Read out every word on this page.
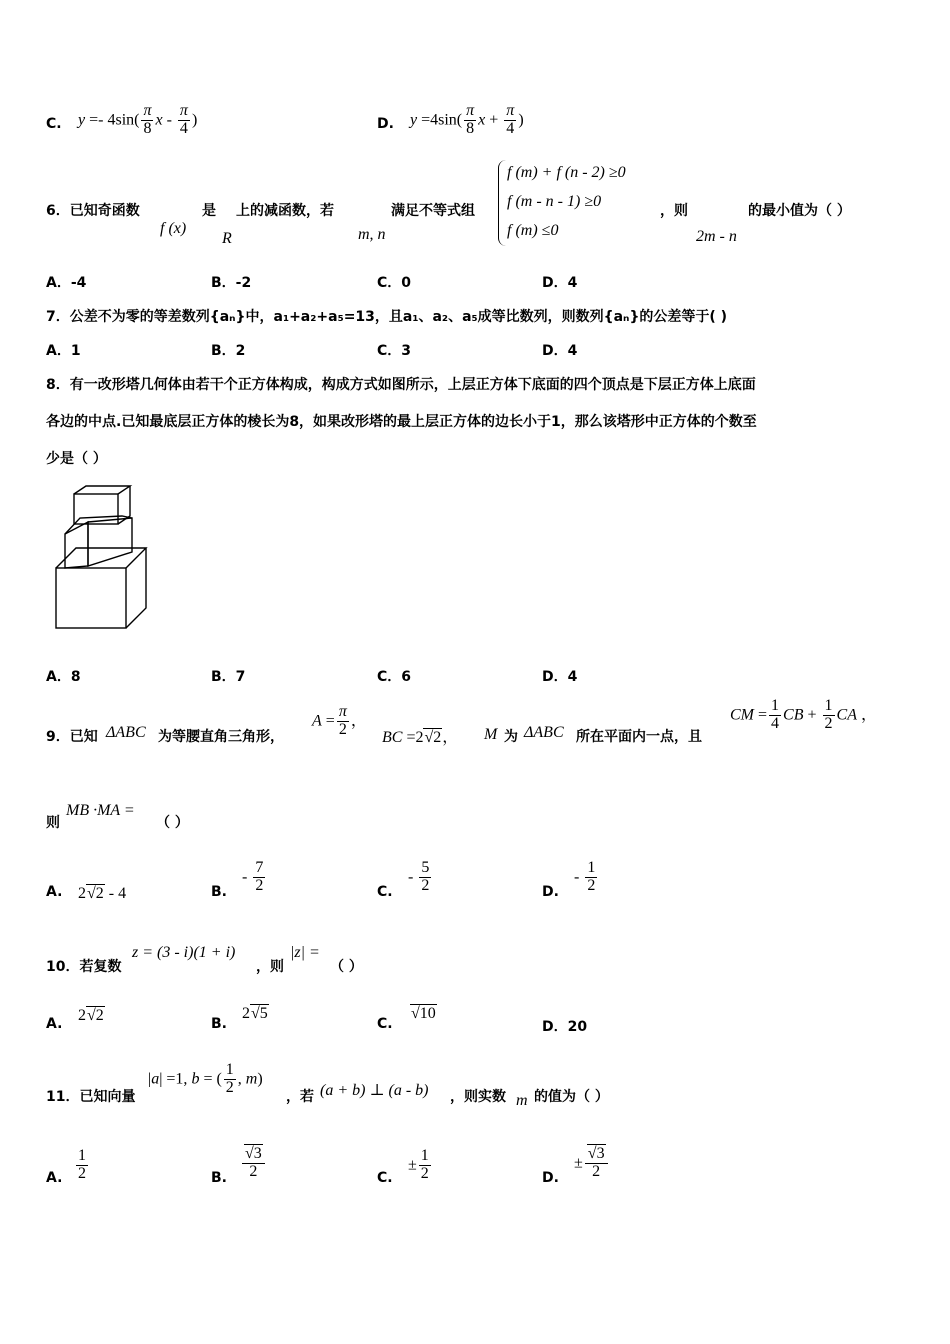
C. $y =- 4\sin( \frac{\pi}{8}$ x - $\frac{\pi}{4}$ )	D. $y =4\sin( \frac{\pi}{8}$ $x + \frac{\pi}{4}$ )
6．已知奇函数
f (x)
是
R
上的减函数，若
m, n
满足不等式组
f (m) + f (n - 2) ≥0
f (m - n - 1) ≥0
f (m) ≤0
，则
2m - n
的最小值为（ ）
A．-4	B．-2	C．0	D．4
7．公差不为零的等差数列{aₙ}中，a₁+a₂+a₅=13，且a₁、a₂、a₅成等比数列，则数列{aₙ}的公差等于( )
A．1	B．2	C．3	D．4
8．有一改形塔几何体由若干个正方体构成，构成方式如图所示，上层正方体下底面的四个顶点是下层正方体上底面
各边的中点.已知最底层正方体的棱长为8，如果改形塔的最上层正方体的边长小于1，那么该塔形中正方体的个数至
少是（ ）
A．8	B．7	C．6	D．4
9．已知 ΔABC 为等腰直角三角形，
$A = \frac{\pi}{2}$ ，
BC =2√2， M 为 ΔABC 所在平面内一点，且
CM = $\frac{1}{4}$ CB + $\frac{1}{2}$ CA ，
则
MB ·MA =
（ ）
A. 2√2 - 4	B.
- $\frac{7}{2}$	C.
- $\frac{5}{2}$	D.
- $\frac{1}{2}$
10．若复数
z = (3 - i)(1 + i)
，则
|z| =
（ ）
A. 2√2	B.
2√5
C.
√10
D．20
11．已知向量
|a| =1, b = ( $\frac{1}{2}$ , m)
，若 (a + b) ⊥ (a - b) ，则实数 m 的值为（ ）
A. $\frac{1}{2}$	B. $\frac{√3}{2}$	C.
± $\frac{1}{2}$	D.
± $\frac{√3}{2}$
